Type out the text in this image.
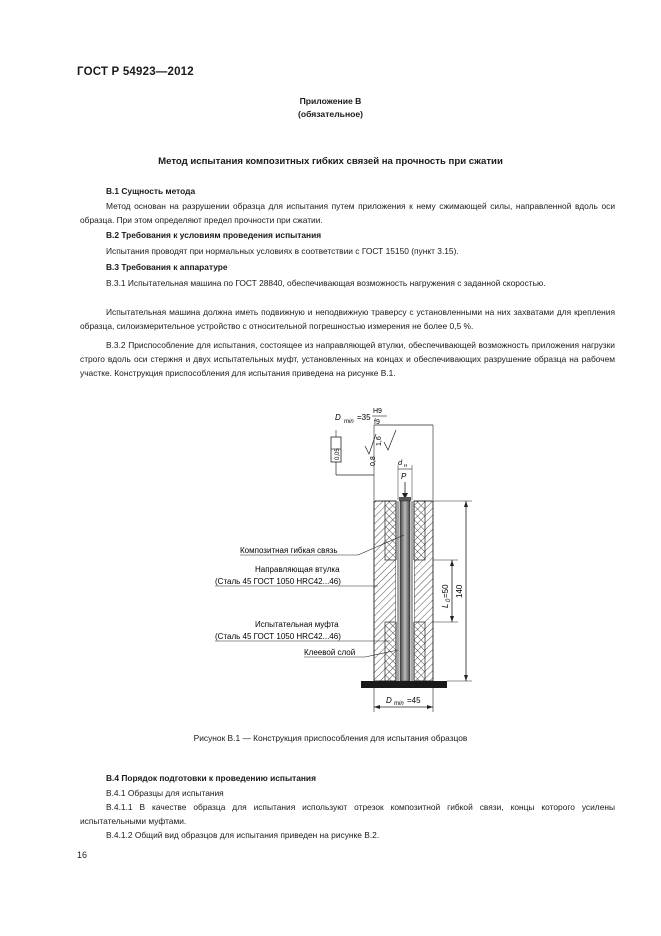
ГОСТ Р 54923—2012
Приложение В
(обязательное)
Метод испытания композитных гибких связей на прочность при сжатии
В.1 Сущность метода
Метод основан на разрушении образца для испытания путем приложения к нему сжимающей силы, направленной вдоль оси образца. При этом определяют предел прочности при сжатии.
В.2 Требования к условиям проведения испытания
Испытания проводят при нормальных условиях в соответствии с ГОСТ 15150 (пункт 3.15).
В.3 Требования к аппаратуре
В.3.1 Испытательная машина по ГОСТ 28840, обеспечивающая возможность нагружения с заданной скоростью.
Испытательная машина должна иметь подвижную и неподвижную траверсу с установленными на них захватами для крепления образца, силоизмерительное устройство с относительной погрешностью измерения не более 0,5 %.
В.3.2 Приспособление для испытания, состоящее из направляющей втулки, обеспечивающей возможность приложения нагрузки строго вдоль оси стержня и двух испытательных муфт, установленных на концах и обеспечивающих разрушение образца на рабочем участке. Конструкция приспособления для испытания приведена на рисунке В.1.
D min =35
H9
f9
1,6
0,8
0,05
d н
P
D min =45
L
0
=50 140
Композитная гибкая связь
Направляющая втулка
(Сталь 45 ГОСТ 1050 HRC42...46)
Испытательная муфта
(Сталь 45 ГОСТ 1050 HRC42...46)
Клеевой слой
Рисунок В.1 — Конструкция приспособления для испытания образцов
В.4 Порядок подготовки к проведению испытания
В.4.1 Образцы для испытания
В.4.1.1 В качестве образца для испытания используют отрезок композитной гибкой связи, концы которого усилены испытательными муфтами.
В.4.1.2 Общий вид образцов для испытания приведен на рисунке В.2.
16
